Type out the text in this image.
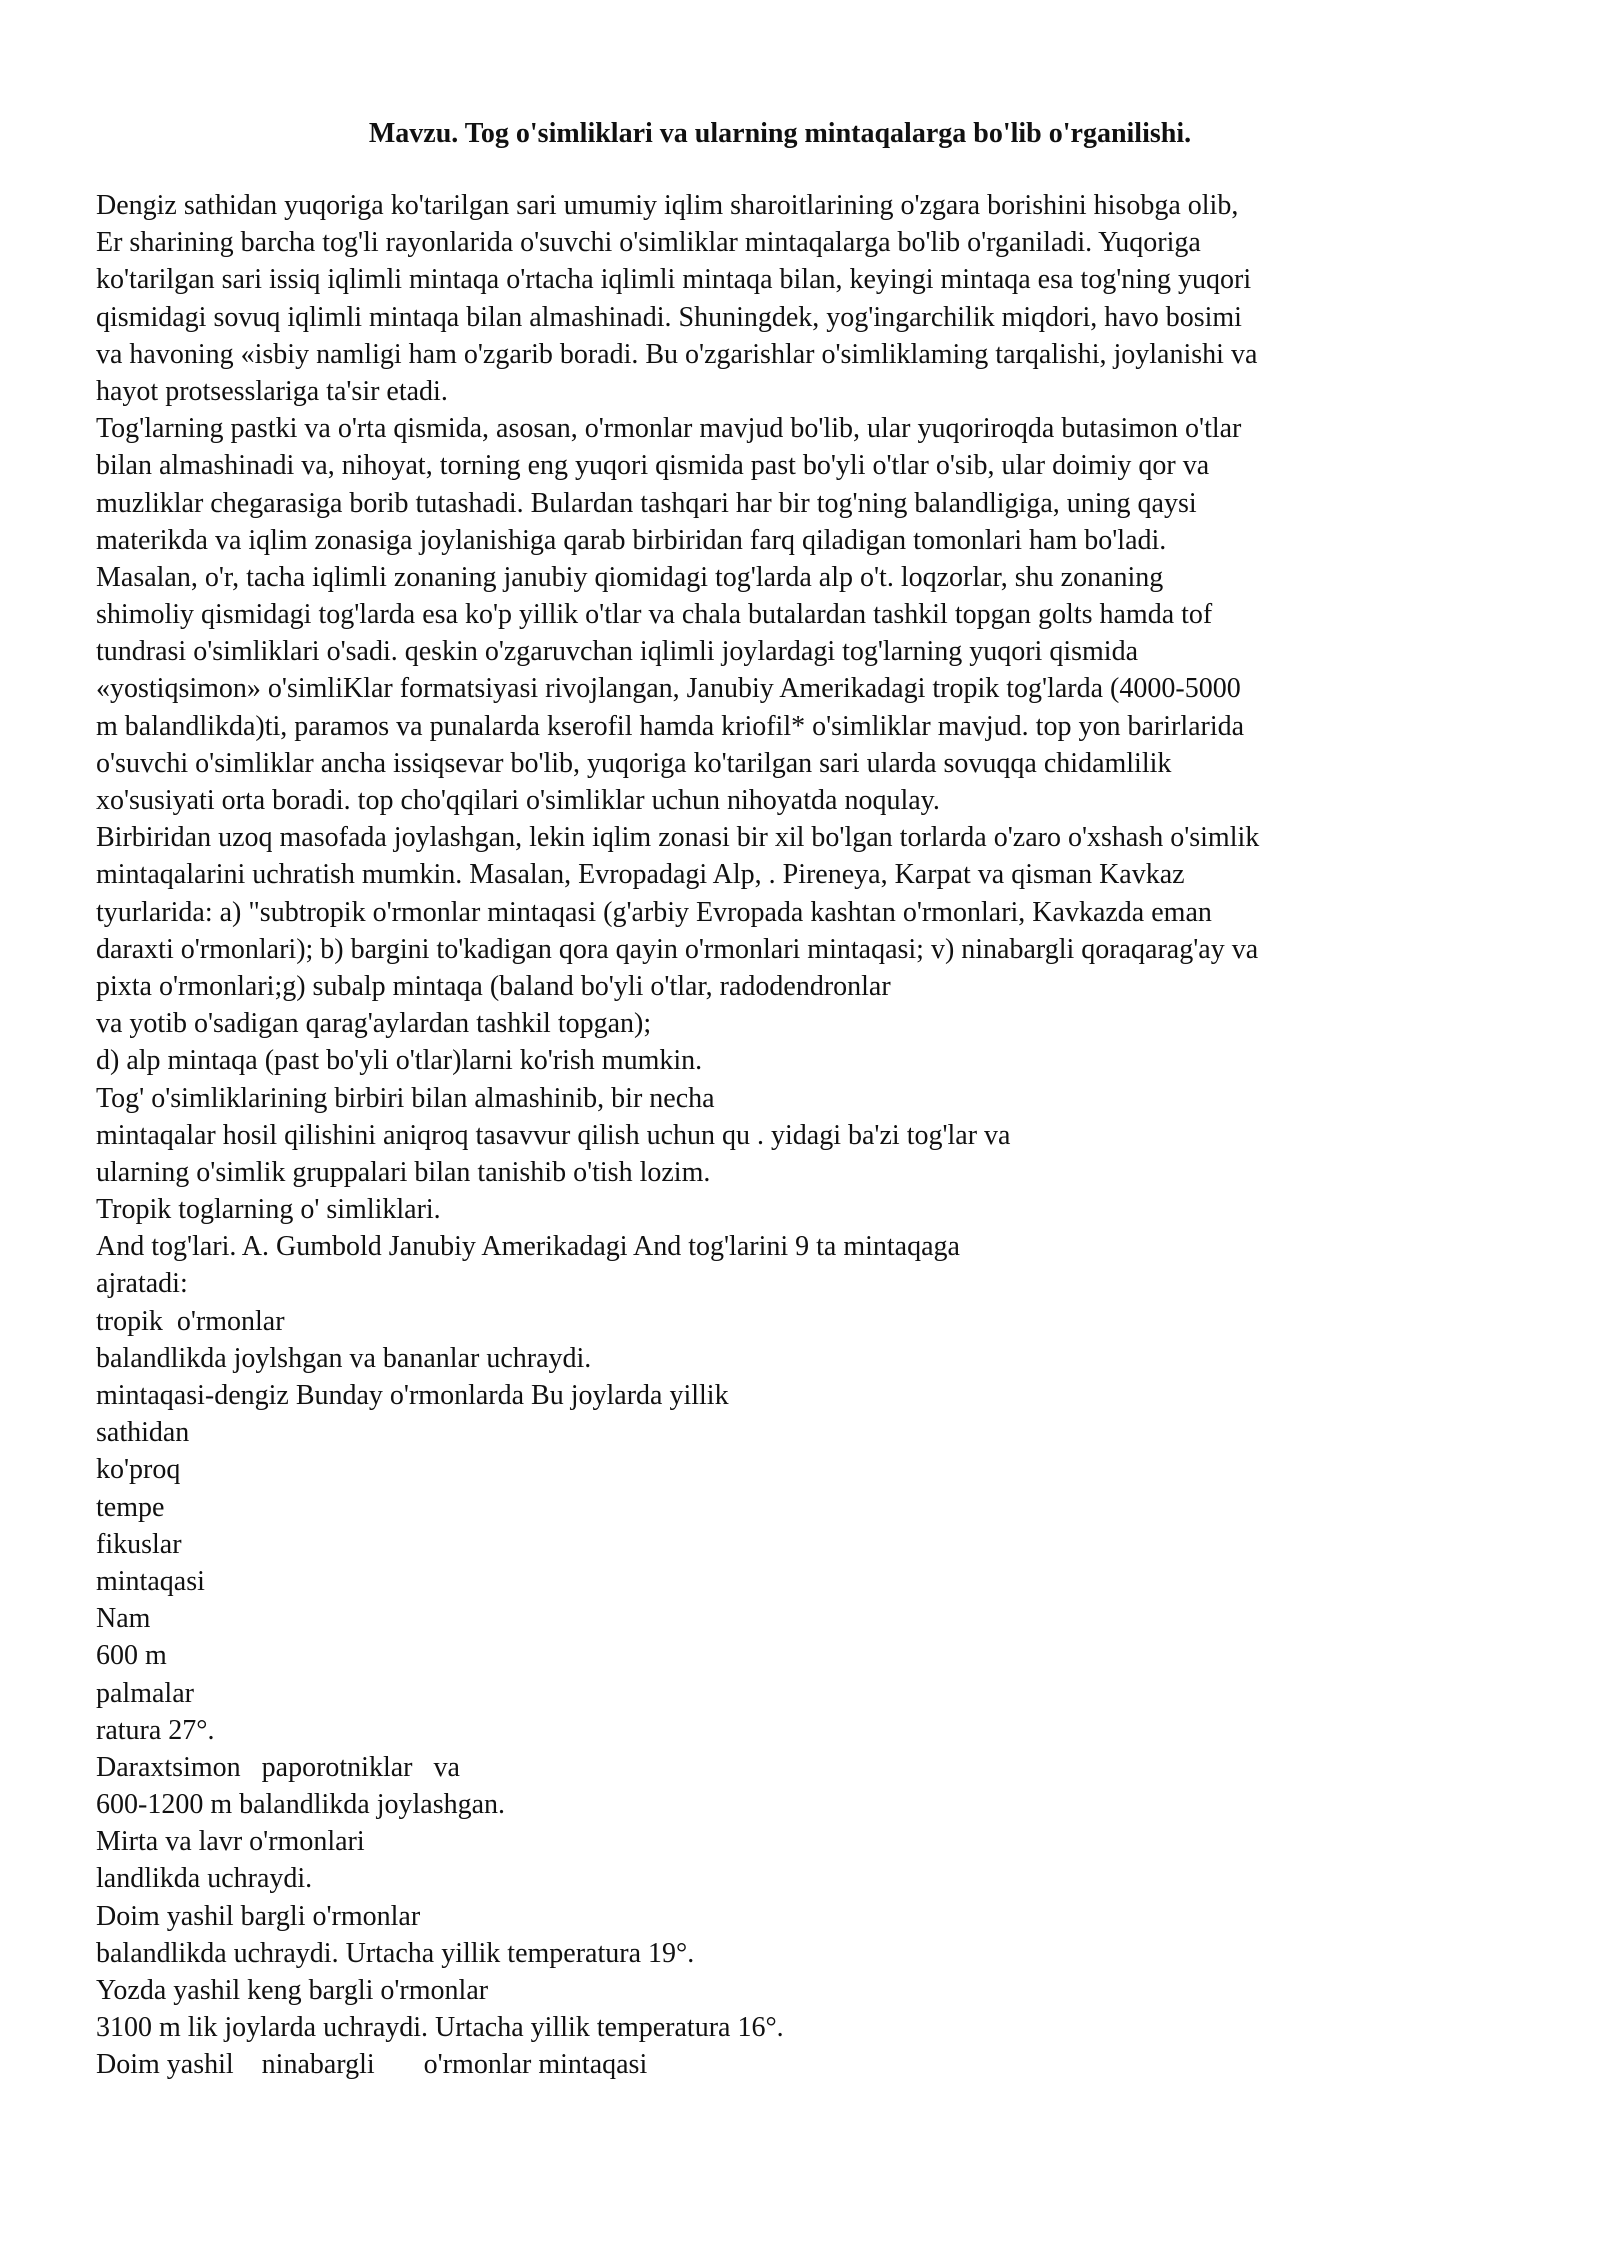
Mavzu. Tog o'simliklari va ularning mintaqalarga bo'lib o'rganilishi.
Dengiz sathidan yuqoriga ko'tarilgan sari umumiy iqlim sharoitlarining o'zgara borishini hisobga olib,
Er sharining barcha tog'li rayonlarida o'suvchi o'simliklar mintaqalarga bo'lib o'rganiladi. Yuqoriga
ko'tarilgan sari issiq iqlimli mintaqa o'rtacha iqlimli mintaqa bilan, keyingi mintaqa esa tog'ning yuqori
qismidagi sovuq iqlimli mintaqa bilan almashinadi. Shuningdek, yog'ingarchilik miqdori, havo bosimi
va havoning «isbiy namligi ham o'zgarib boradi. Bu o'zgarishlar o'simliklaming tarqalishi, joylanishi va
hayot protsesslariga ta'sir etadi.
Tog'larning pastki va o'rta qismida, asosan, o'rmonlar mavjud bo'lib, ular yuqoriroqda butasimon o'tlar
bilan almashinadi va, nihoyat, torning eng yuqori qismida past bo'yli o'tlar o'sib, ular doimiy qor va
muzliklar chegarasiga borib tutashadi. Bulardan tashqari har bir tog'ning balandligiga, uning qaysi
materikda va iqlim zonasiga joylanishiga qarab birbiridan farq qiladigan tomonlari ham bo'ladi.
Masalan, o'r, tacha iqlimli zonaning janubiy qiomidagi tog'larda alp o't. loqzorlar, shu zonaning
shimoliy qismidagi tog'larda esa ko'p yillik o'tlar va chala butalardan tashkil topgan golts hamda tof
tundrasi o'simliklari o'sadi. qeskin o'zgaruvchan iqlimli joylardagi tog'larning yuqori qismida
«yostiqsimon» o'simliKlar formatsiyasi rivojlangan, Janubiy Amerikadagi tropik tog'larda (4000-5000
m balandlikda)ti, paramos va punalarda kserofil hamda kriofil* o'simliklar mavjud. top yon barirlarida
o'suvchi o'simliklar ancha issiqsevar bo'lib, yuqoriga ko'tarilgan sari ularda sovuqqa chidamlilik
xo'susiyati orta boradi. top cho'qqilari o'simliklar uchun nihoyatda noqulay.
Birbiridan uzoq masofada joylashgan, lekin iqlim zonasi bir xil bo'lgan torlarda o'zaro o'xshash o'simlik
mintaqalarini uchratish mumkin. Masalan, Evropadagi Alp, . Pireneya, Karpat va qisman Kavkaz
tyurlarida: a) "subtropik o'rmonlar mintaqasi (g'arbiy Evropada kashtan o'rmonlari, Kavkazda eman
daraxti o'rmonlari); b) bargini to'kadigan qora qayin o'rmonlari mintaqasi; v) ninabargli qoraqarag'ay va
pixta o'rmonlari;g) subalp mintaqa (baland bo'yli o'tlar, radodendronlar
va yotib o'sadigan qarag'aylardan tashkil topgan);
d) alp mintaqa (past bo'yli o'tlar)larni ko'rish mumkin.
Tog' o'simliklarining birbiri bilan almashinib, bir necha
mintaqalar hosil qilishini aniqroq tasavvur qilish uchun qu . yidagi ba'zi tog'lar va
ularning o'simlik gruppalari bilan tanishib o'tish lozim.
Tropik toglarning o' simliklari.
And tog'lari. A. Gumbold Janubiy Amerikadagi And tog'larini 9 ta mintaqaga
ajratadi:
tropik  o'rmonlar
balandlikda joylshgan va bananlar uchraydi.
mintaqasi-dengiz Bunday o'rmonlarda Bu joylarda yillik
sathidan
ko'proq
tempe
fikuslar
mintaqasi
Nam
600 m
palmalar
ratura 27°.
Daraxtsimon   paporotniklar   va
600-1200 m balandlikda joylashgan.
Mirta va lavr o'rmonlari
landlikda uchraydi.
Doim yashil bargli o'rmonlar
balandlikda uchraydi. Urtacha yillik temperatura 19°.
Yozda yashil keng bargli o'rmonlar
3100 m lik joylarda uchraydi. Urtacha yillik temperatura 16°.
Doim yashil    ninabargli       o'rmonlar mintaqasi
